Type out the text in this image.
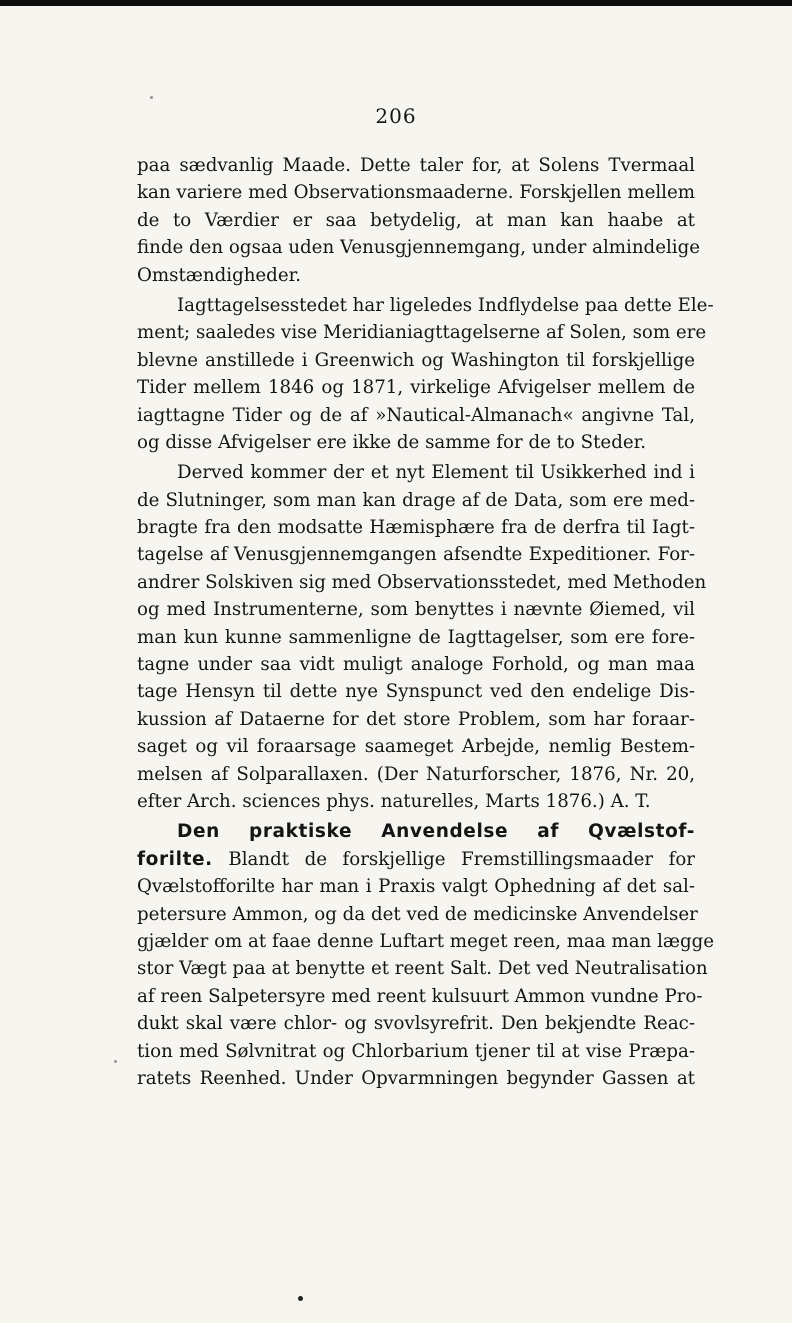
206
paa sædvanlig Maade. Dette taler for, at Solens Tvermaal
kan variere med Observationsmaaderne. Forskjellen mellem
de to Værdier er saa betydelig, at man kan haabe at
finde den ogsaa uden Venusgjennemgang, under almindelige
Omstændigheder.
Iagttagelsesstedet har ligeledes Indflydelse paa dette Ele-
ment; saaledes vise Meridianiagttagelserne af Solen, som ere
blevne anstillede i Greenwich og Washington til forskjellige
Tider mellem 1846 og 1871, virkelige Afvigelser mellem de
iagttagne Tider og de af »Nautical-Almanach« angivne Tal,
og disse Afvigelser ere ikke de samme for de to Steder.
Derved kommer der et nyt Element til Usikkerhed ind i
de Slutninger, som man kan drage af de Data, som ere med-
bragte fra den modsatte Hæmisphære fra de derfra til Iagt-
tagelse af Venusgjennemgangen afsendte Expeditioner. For-
andrer Solskiven sig med Observationsstedet, med Methoden
og med Instrumenterne, som benyttes i nævnte Øiemed, vil
man kun kunne sammenligne de Iagttagelser, som ere fore-
tagne under saa vidt muligt analoge Forhold, og man maa
tage Hensyn til dette nye Synspunct ved den endelige Dis-
kussion af Dataerne for det store Problem, som har foraar-
saget og vil foraarsage saameget Arbejde, nemlig Bestem-
melsen af Solparallaxen. (Der Naturforscher, 1876, Nr. 20,
efter Arch. sciences phys. naturelles, Marts 1876.) A. T.
Den praktiske Anvendelse af Qvælstof-
forilte. Blandt de forskjellige Fremstillingsmaader for
Qvælstofforilte har man i Praxis valgt Ophedning af det sal-
petersure Ammon, og da det ved de medicinske Anvendelser
gjælder om at faae denne Luftart meget reen, maa man lægge
stor Vægt paa at benytte et reent Salt. Det ved Neutralisation
af reen Salpetersyre med reent kulsuurt Ammon vundne Pro-
dukt skal være chlor- og svovlsyrefrit. Den bekjendte Reac-
tion med Sølvnitrat og Chlorbarium tjener til at vise Præpa-
ratets Reenhed. Under Opvarmningen begynder Gassen at
